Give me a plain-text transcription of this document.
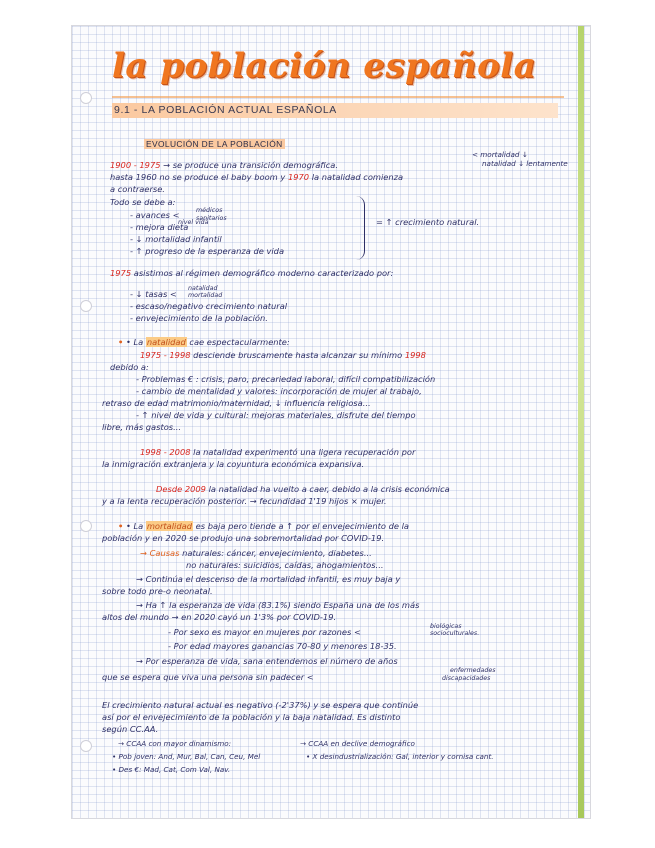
la población española
9.1 - LA POBLACIÓN ACTUAL ESPAÑOLA
EVOLUCIÓN DE LA POBLACIÓN
< mortalidad ↓
natalidad ↓ lentamente
1900 - 1975 → se produce una transición demográfica.
hasta 1960 no se produce el baby boom y 1970 la natalidad comienza
a contraerse.
Todo se debe a:
- avances <	médicos
sanitarios
- mejora dieta
nivel vida
- ↓ mortalidad infantil
- ↑ progreso de la esperanza de vida
= ↑ crecimiento natural.
1975 asistimos al régimen demográfico moderno caracterizado por:
- ↓ tasas <
natalidad
mortalidad
- escaso/negativo crecimiento natural
- envejecimiento de la población.
• • La natalidad cae espectacularmente:
1975 - 1998 desciende bruscamente hasta alcanzar su mínimo 1998
debido a:
- Problemas € : crisis, paro, precariedad laboral, difícil compatibilización
- cambio de mentalidad y valores: incorporación de mujer al trabajo,
retraso de edad matrimonio/maternidad, ↓ influencia religiosa...
- ↑ nivel de vida y cultural: mejoras materiales, disfrute del tiempo
libre, más gastos...
1998 - 2008 la natalidad experimentó una ligera recuperación por
la inmigración extranjera y la coyuntura económica expansiva.
Desde 2009 la natalidad ha vuelto a caer, debido a la crisis económica
y a la lenta recuperación posterior. → fecundidad 1'19 hijos × mujer.
• • La mortalidad es baja pero tiende a ↑ por el envejecimiento de la
población y en 2020 se produjo una sobremortalidad por COVID-19.
→ Causas naturales: cáncer, envejecimiento, diabetes...
no naturales: suicidios, caídas, ahogamientos...
→ Continúa el descenso de la mortalidad infantil, es muy baja y
sobre todo pre-o neonatal.
→ Ha ↑ la esperanza de vida (83.1%) siendo España una de los más
altos del mundo → en 2020 cayó un 1'3% por COVID-19.
- Por sexo es mayor en mujeres por razones <
biológicas
socioculturales.
- Por edad mayores ganancias 70-80 y menores 18-35.
→ Por esperanza de vida, sana entendemos el número de años
enfermedades
que se espera que viva una persona sin padecer <	discapacidades
El crecimiento natural actual es negativo (-2'37%) y se espera que continúe
así por el envejecimiento de la población y la baja natalidad. Es distinto
según CC.AA.
→ CCAA con mayor dinamismo:	→ CCAA en declive demográfico
• Pob joven: And, Mur, Bal, Can, Ceu, Mel	• X desindustrialización: Gal, interior y cornisa cant.
• Des €: Mad, Cat, Com Val, Nav.
